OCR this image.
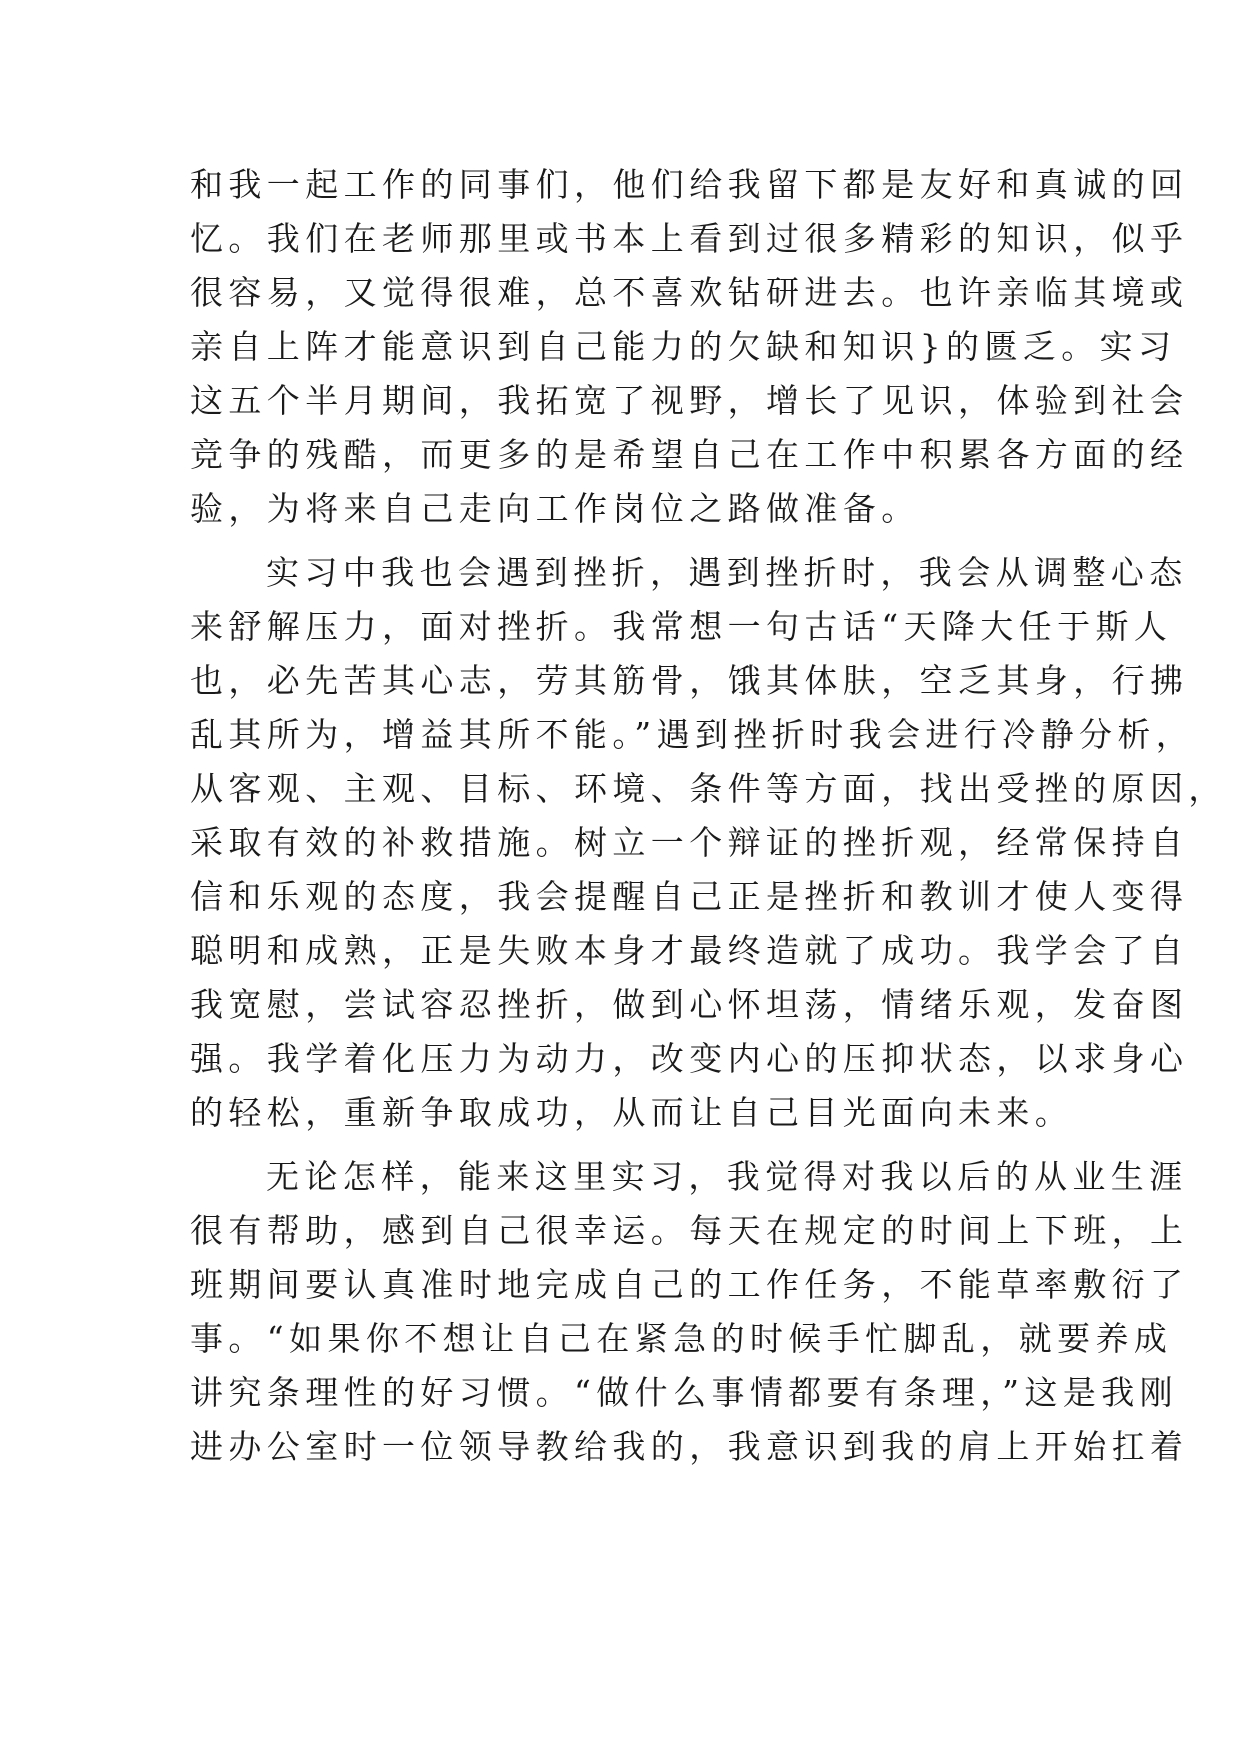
和我一起工作的同事们，他们给我留下都是友好和真诚的回
忆。我们在老师那里或书本上看到过很多精彩的知识，似乎
很容易，又觉得很难，总不喜欢钻研进去。也许亲临其境或
亲自上阵才能意识到自己能力的欠缺和知识}的匮乏。实习
这五个半月期间，我拓宽了视野，增长了见识，体验到社会
竞争的残酷，而更多的是希望自己在工作中积累各方面的经
验，为将来自己走向工作岗位之路做准备。
实习中我也会遇到挫折，遇到挫折时，我会从调整心态
来舒解压力，面对挫折。我常想一句古话“天降大任于斯人
也，必先苦其心志，劳其筋骨，饿其体肤，空乏其身，行拂
乱其所为，增益其所不能。”遇到挫折时我会进行冷静分析，
从客观、主观、目标、环境、条件等方面，找出受挫的原因，
采取有效的补救措施。树立一个辩证的挫折观，经常保持自
信和乐观的态度，我会提醒自己正是挫折和教训才使人变得
聪明和成熟，正是失败本身才最终造就了成功。我学会了自
我宽慰，尝试容忍挫折，做到心怀坦荡，情绪乐观，发奋图
强。我学着化压力为动力，改变内心的压抑状态，以求身心
的轻松，重新争取成功，从而让自己目光面向未来。
无论怎样，能来这里实习，我觉得对我以后的从业生涯
很有帮助，感到自己很幸运。每天在规定的时间上下班，上
班期间要认真准时地完成自己的工作任务，不能草率敷衍了
事。“如果你不想让自己在紧急的时候手忙脚乱，就要养成
讲究条理性的好习惯。“做什么事情都要有条理，”这是我刚
进办公室时一位领导教给我的，我意识到我的肩上开始扛着
